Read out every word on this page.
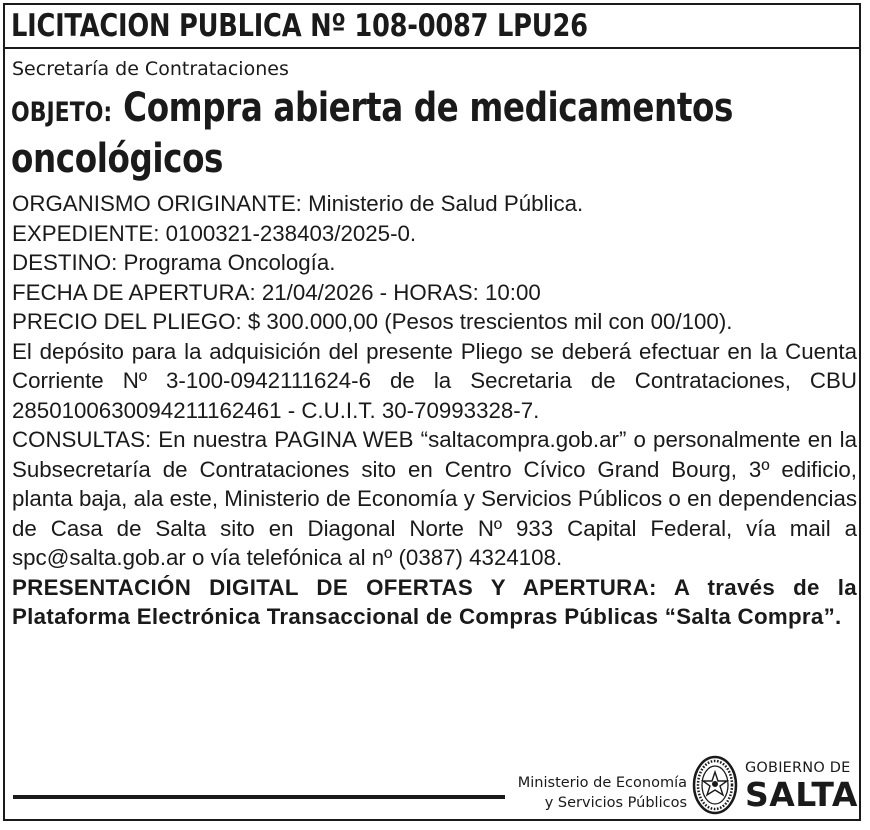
LICITACION PUBLICA Nº 108-0087 LPU26
Secretaría de Contrataciones
OBJETO: Compra abierta de medicamentos oncológicos

ORGANISMO ORIGINANTE: Ministerio de Salud Pública.

EXPEDIENTE: 0100321-238403/2025-0.

DESTINO: Programa Oncología.

FECHA DE APERTURA: 21/04/2026 - HORAS: 10:00

PRECIO DEL PLIEGO: $ 300.000,00 (Pesos trescientos mil con 00/100).

El depósito para la adquisición del presente Pliego se deberá efectuar en la Cuenta Corriente Nº 3-100-0942111624-6 de la Secretaria de Contrataciones, CBU 2850100630094211162461 - C.U.I.T. 30-70993328-7.

CONSULTAS: En nuestra PAGINA WEB “saltacompra.gob.ar” o personalmente en la Subsecretaría de Contrataciones sito en Centro Cívico Grand Bourg, 3º edificio, planta baja, ala este, Ministerio de Economía y Servicios Públicos o en dependencias de Casa de Salta sito en Diagonal Norte Nº 933 Capital Federal, vía mail a spc@salta.gob.ar o vía telefónica al nº (0387) 4324108.

PRESENTACIÓN DIGITAL DE OFERTAS Y APERTURA: A través de la Plataforma Electrónica Transaccional de Compras Públicas “Salta Compra”.

Ministerio de Economía
y Servicios Públicos
GOBIERNO DE
SALTA
